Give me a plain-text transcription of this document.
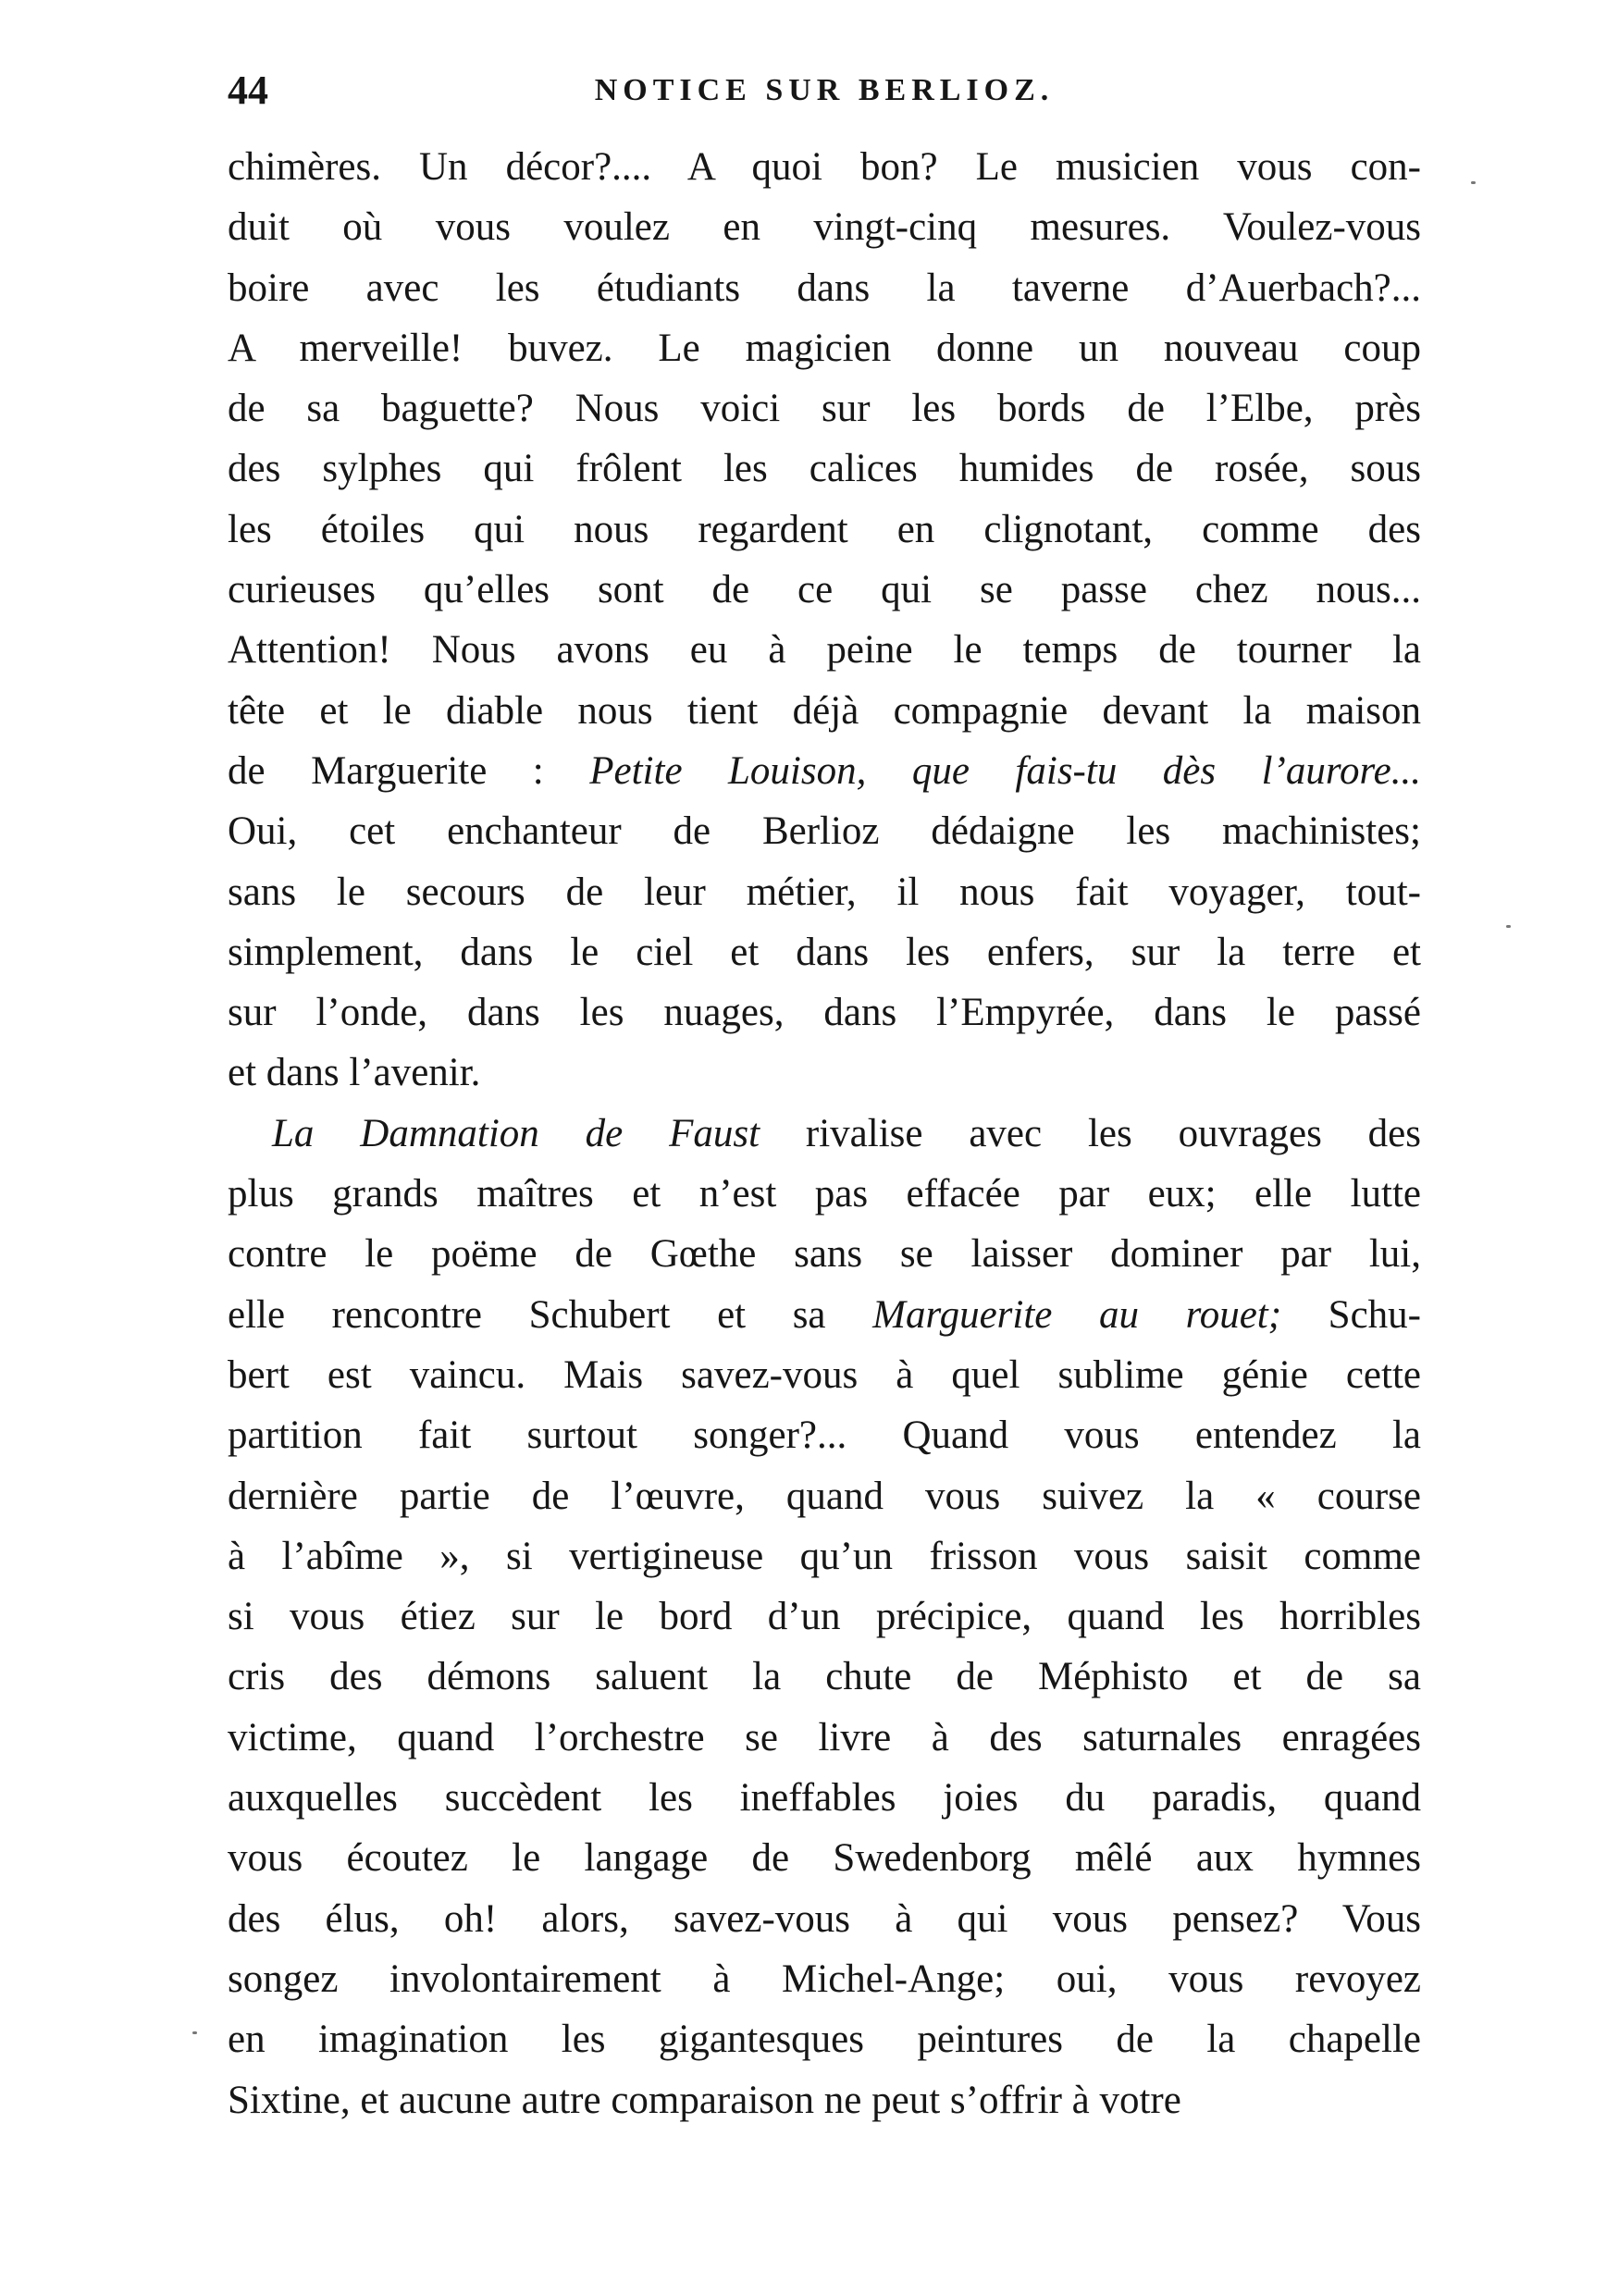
44	NOTICE SUR BERLIOZ.
chimères. Un décor?.... A quoi bon? Le musicien vous con-
duit où vous voulez en vingt-cinq mesures. Voulez-vous
boire avec les étudiants dans la taverne d’Auerbach?...
A merveille! buvez. Le magicien donne un nouveau coup
de sa baguette? Nous voici sur les bords de l’Elbe, près
des sylphes qui frôlent les calices humides de rosée, sous
les étoiles qui nous regardent en clignotant, comme des
curieuses qu’elles sont de ce qui se passe chez nous...
Attention! Nous avons eu à peine le temps de tourner la
tête et le diable nous tient déjà compagnie devant la maison
de Marguerite : Petite Louison, que fais-tu dès l’aurore...
Oui, cet enchanteur de Berlioz dédaigne les machinistes;
sans le secours de leur métier, il nous fait voyager, tout-
simplement, dans le ciel et dans les enfers, sur la terre et
sur l’onde, dans les nuages, dans l’Empyrée, dans le passé
et dans l’avenir.
La Damnation de Faust rivalise avec les ouvrages des
plus grands maîtres et n’est pas effacée par eux; elle lutte
contre le poëme de Gœthe sans se laisser dominer par lui,
elle rencontre Schubert et sa Marguerite au rouet; Schu-
bert est vaincu. Mais savez-vous à quel sublime génie cette
partition fait surtout songer?... Quand vous entendez la
dernière partie de l’œuvre, quand vous suivez la « course
à l’abîme », si vertigineuse qu’un frisson vous saisit comme
si vous étiez sur le bord d’un précipice, quand les horribles
cris des démons saluent la chute de Méphisto et de sa
victime, quand l’orchestre se livre à des saturnales enragées
auxquelles succèdent les ineffables joies du paradis, quand
vous écoutez le langage de Swedenborg mêlé aux hymnes
des élus, oh! alors, savez-vous à qui vous pensez? Vous
songez involontairement à Michel-Ange; oui, vous revoyez
en imagination les gigantesques peintures de la chapelle
Sixtine, et aucune autre comparaison ne peut s’offrir à votre
